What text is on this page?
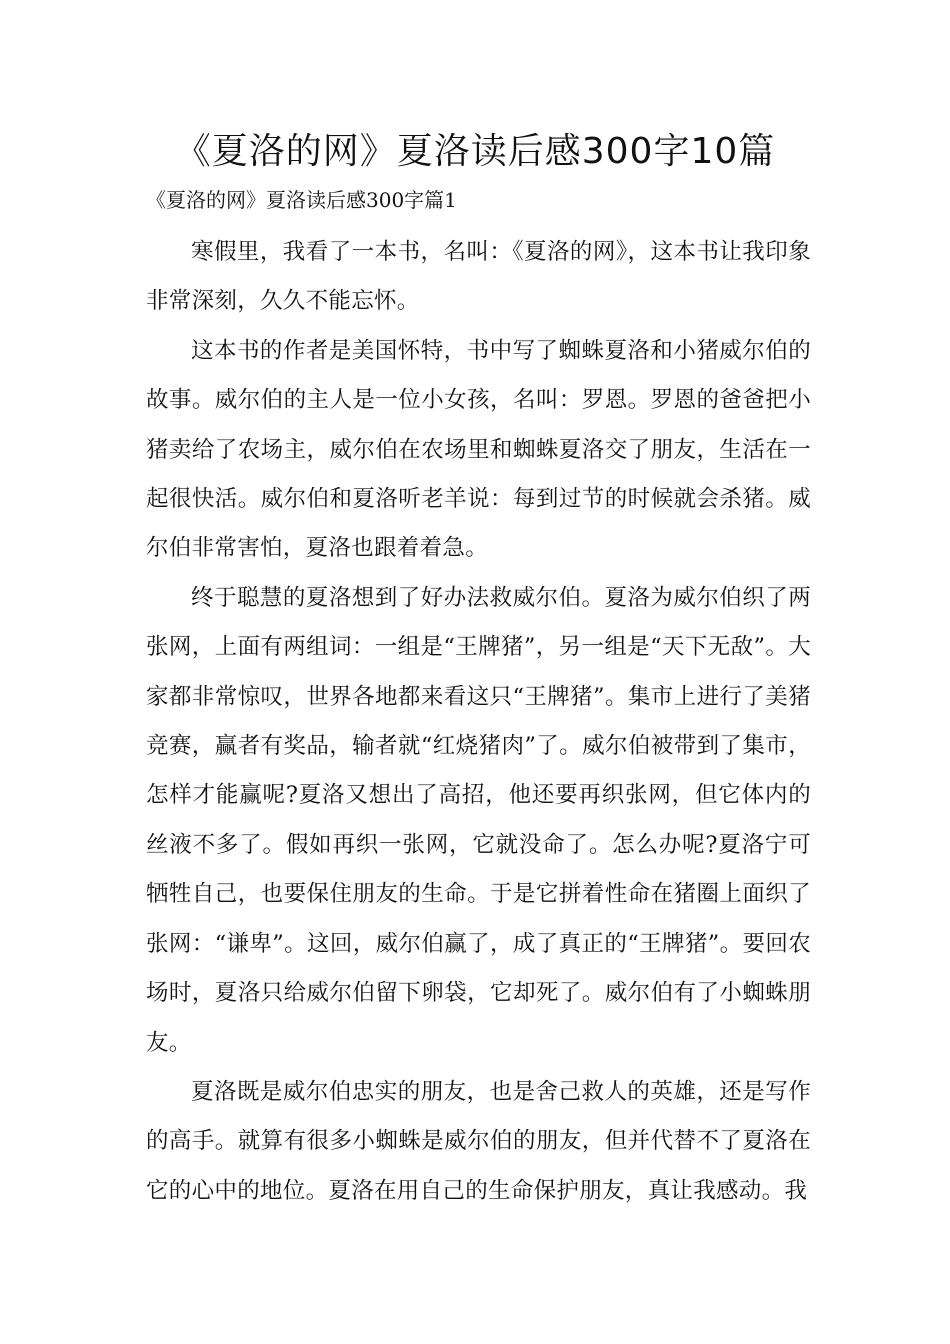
《夏洛的网》夏洛读后感300字10篇
《夏洛的网》夏洛读后感300字篇1

寒假里，我看了一本书，名叫：《夏洛的网》，这本书让我印象非常深刻，久久不能忘怀。

这本书的作者是美国怀特，书中写了蜘蛛夏洛和小猪威尔伯的故事。威尔伯的主人是一位小女孩，名叫：罗恩。罗恩的爸爸把小猪卖给了农场主，威尔伯在农场里和蜘蛛夏洛交了朋友，生活在一起很快活。威尔伯和夏洛听老羊说：每到过节的时候就会杀猪。威尔伯非常害怕，夏洛也跟着着急。

终于聪慧的夏洛想到了好办法救威尔伯。夏洛为威尔伯织了两张网，上面有两组词：一组是“王牌猪”，另一组是“天下无敌”。大家都非常惊叹，世界各地都来看这只“王牌猪”。集市上进行了美猪竞赛，赢者有奖品，输者就“红烧猪肉”了。威尔伯被带到了集市，怎样才能赢呢?夏洛又想出了高招，他还要再织张网，但它体内的丝液不多了。假如再织一张网，它就没命了。怎么办呢?夏洛宁可牺牲自己，也要保住朋友的生命。于是它拼着性命在猪圈上面织了张网：“谦卑”。这回，威尔伯赢了，成了真正的“王牌猪”。要回农场时，夏洛只给威尔伯留下卵袋，它却死了。威尔伯有了小蜘蛛朋友。

夏洛既是威尔伯忠实的朋友，也是舍己救人的英雄，还是写作的高手。就算有很多小蜘蛛是威尔伯的朋友，但并代替不了夏洛在它的心中的地位。夏洛在用自己的生命保护朋友，真让我感动。我
